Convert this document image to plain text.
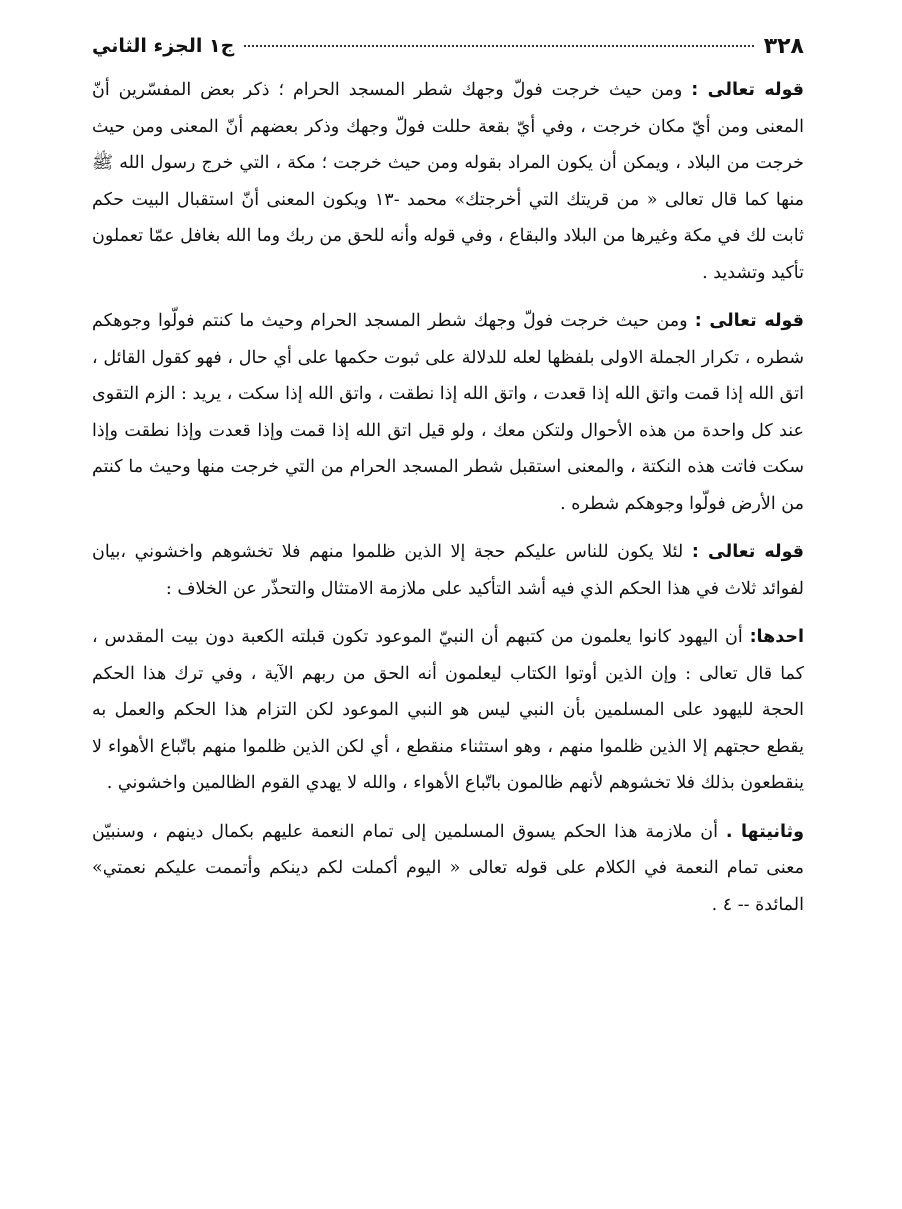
٣٢٨
ج١ الجزء الثاني

قوله تعالى : ومن حيث خرجت فولّ وجهك شطر المسجد الحرام ؛ ذكر بعض المفسّرين أنّ المعنى ومن أيّ مكان خرجت ، وفي أيّ بقعة حللت فولّ وجهك وذكر بعضهم أنّ المعنى ومن حيث خرجت من البلاد ، ويمكن أن يكون المراد بقوله ومن حيث خرجت ؛ مكة ، التي خرج رسول الله ﷺ منها كما قال تعالى « من قريتك التي أخرجتك» محمد -١٣ ويكون المعنى أنّ استقبال البيت حكم ثابت لك في مكة وغيرها من البلاد والبقاع ، وفي قوله وأنه للحق من ربك وما الله بغافل عمّا تعملون تأكيد وتشديد .

قوله تعالى : ومن حيث خرجت فولّ وجهك شطر المسجد الحرام وحيث ما كنتم فولّوا وجوهكم شطره ، تكرار الجملة الاولى بلفظها لعله للدلالة على ثبوت حكمها على أي حال ، فهو كقول القائل ، اتق الله إذا قمت واتق الله إذا قعدت ، واتق الله إذا نطقت ، واتق الله إذا سكت ، يريد : الزم التقوى عند كل واحدة من هذه الأحوال ولتكن معك ، ولو قيل اتق الله إذا قمت وإذا قعدت وإذا نطقت وإذا سكت فاتت هذه النكتة ، والمعنى استقبل شطر المسجد الحرام من التي خرجت منها وحيث ما كنتم من الأرض فولّوا وجوهكم شطره .

قوله تعالى : لئلا يكون للناس عليكم حجة إلا الذين ظلموا منهم فلا تخشوهم واخشوني ،بيان لفوائد ثلاث في هذا الحكم الذي فيه أشد التأكيد على ملازمة الامتثال والتحذّر عن الخلاف :

احدها: أن اليهود كانوا يعلمون من كتبهم أن النبيّ الموعود تكون قبلته الكعبة دون بيت المقدس ، كما قال تعالى : وإن الذين أوتوا الكتاب ليعلمون أنه الحق من ربهم الآية ، وفي ترك هذا الحكم الحجة لليهود على المسلمين بأن النبي ليس هو النبي الموعود لكن التزام هذا الحكم والعمل به يقطع حجتهم إلا الذين ظلموا منهم ، وهو استثناء منقطع ، أي لكن الذين ظلموا منهم باتّباع الأهواء لا ينقطعون بذلك فلا تخشوهم لأنهم ظالمون باتّباع الأهواء ، والله لا يهدي القوم الظالمين واخشوني .

وثانيتها . أن ملازمة هذا الحكم يسوق المسلمين إلى تمام النعمة عليهم بكمال دينهم ، وسنبيّن معنى تمام النعمة في الكلام على قوله تعالى « اليوم أكملت لكم دينكم وأتممت عليكم نعمتي» المائدة -- ٤ .
